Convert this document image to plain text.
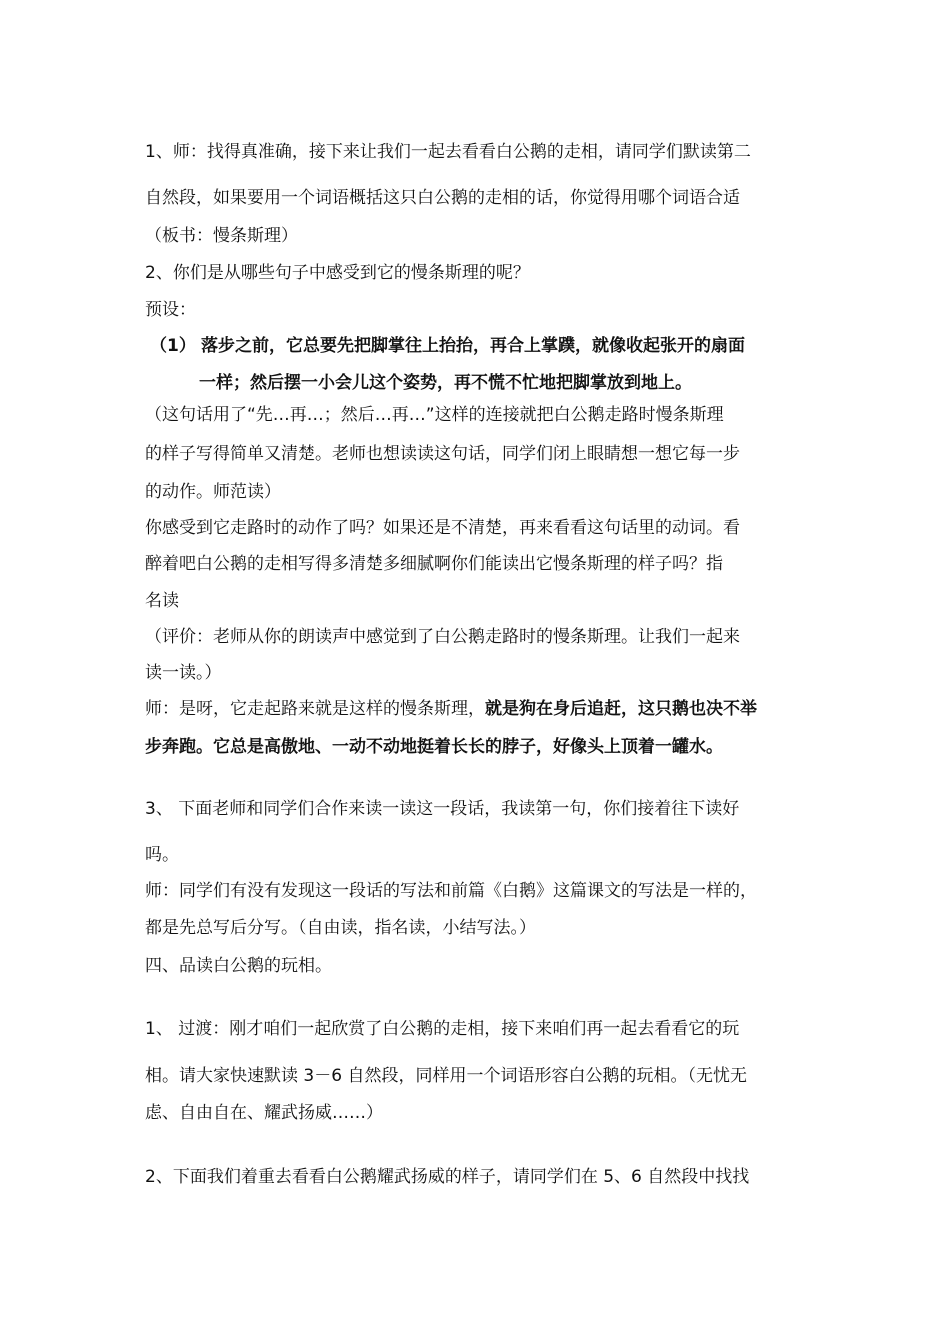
1、师：找得真准确，接下来让我们一起去看看白公鹅的走相，请同学们默读第二

自然段，如果要用一个词语概括这只白公鹅的走相的话，你觉得用哪个词语合适

（板书：慢条斯理）

2、你们是从哪些句子中感受到它的慢条斯理的呢？

预设：

（1） 落步之前，它总要先把脚掌往上抬抬，再合上掌蹼，就像收起张开的扇面

一样；然后摆一小会儿这个姿势，再不慌不忙地把脚掌放到地上。

（这句话用了“先…再…；然后…再…”这样的连接就把白公鹅走路时慢条斯理

的样子写得简单又清楚。老师也想读读这句话，同学们闭上眼睛想一想它每一步

的动作。师范读）

你感受到它走路时的动作了吗？如果还是不清楚，再来看看这句话里的动词。看

醉着吧白公鹅的走相写得多清楚多细腻啊你们能读出它慢条斯理的样子吗？指

名读

（评价：老师从你的朗读声中感觉到了白公鹅走路时的慢条斯理。让我们一起来

读一读。）

师：是呀，它走起路来就是这样的慢条斯理，就是狗在身后追赶，这只鹅也决不举

步奔跑。它总是高傲地、一动不动地挺着长长的脖子，好像头上顶着一罐水。

3、 下面老师和同学们合作来读一读这一段话，我读第一句，你们接着往下读好

吗。

师：同学们有没有发现这一段话的写法和前篇《白鹅》这篇课文的写法是一样的，

都是先总写后分写。（自由读，指名读，小结写法。）

四、品读白公鹅的玩相。

1、 过渡：刚才咱们一起欣赏了白公鹅的走相，接下来咱们再一起去看看它的玩

相。请大家快速默读 3－6 自然段，同样用一个词语形容白公鹅的玩相。（无忧无

虑、自由自在、耀武扬威……）

2、下面我们着重去看看白公鹅耀武扬威的样子，请同学们在 5、6 自然段中找找
